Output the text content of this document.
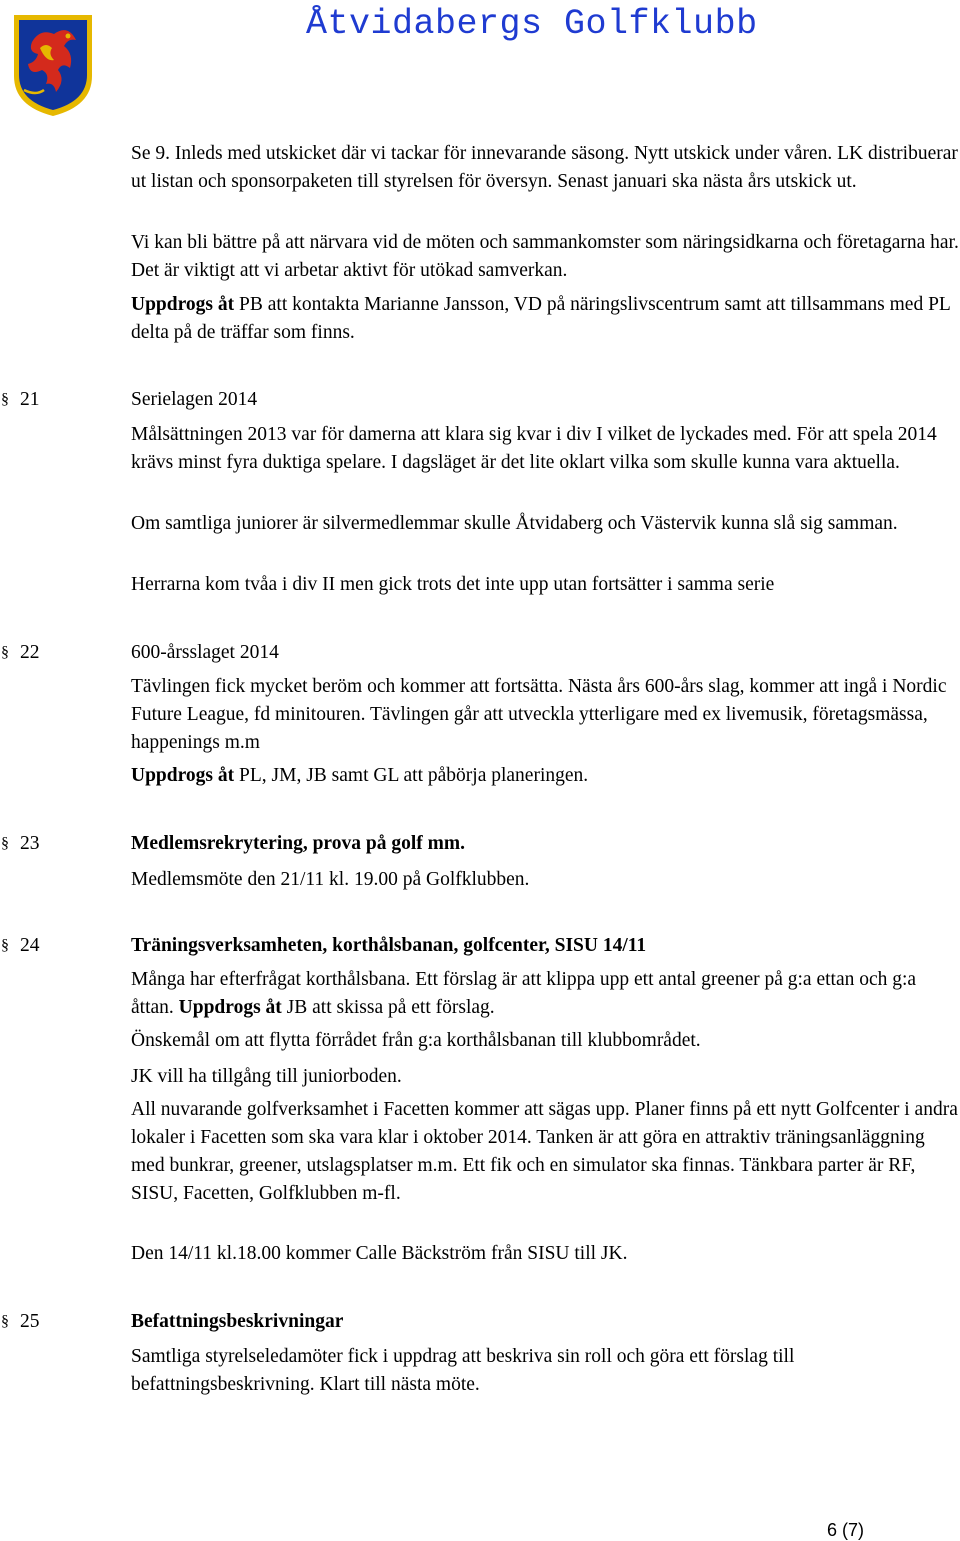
Åtvidabergs Golfklubb

Se 9. Inleds med utskicket där vi tackar för innevarande säsong. Nytt utskick under våren. LK distribuerar ut listan och sponsorpaketen till styrelsen för översyn. Senast januari ska nästa års utskick ut.

Vi kan bli bättre på att närvara vid de möten och sammankomster som näringsidkarna och företagarna har. Det är viktigt att vi arbetar aktivt för utökad samverkan.

Uppdrogs åt PB att kontakta Marianne Jansson, VD på näringslivscentrum samt att tillsammans med PL delta på de träffar som finns.

§ 21	Serielagen 2014

Målsättningen 2013 var för damerna att klara sig kvar i div I vilket de lyckades med. För att spela 2014 krävs minst fyra duktiga spelare. I dagsläget är det lite oklart vilka som skulle kunna vara aktuella.

Om samtliga juniorer är silvermedlemmar skulle Åtvidaberg och Västervik kunna slå sig samman.

Herrarna kom tvåa i div II men gick trots det inte upp utan fortsätter i samma serie

§ 22	600-årsslaget 2014

Tävlingen fick mycket beröm och kommer att fortsätta. Nästa års 600-års slag, kommer att ingå i Nordic Future League, fd minitouren. Tävlingen går att utveckla ytterligare med ex livemusik, företagsmässa, happenings m.m

Uppdrogs åt PL, JM, JB samt GL att påbörja planeringen.

§ 23	Medlemsrekrytering, prova på golf mm.

Medlemsmöte den 21/11 kl. 19.00 på Golfklubben.

§ 24	Träningsverksamheten, korthålsbanan, golfcenter, SISU 14/11

Många har efterfrågat korthålsbana. Ett förslag är att klippa upp ett antal greener på g:a ettan och g:a åttan. Uppdrogs åt JB att skissa på ett förslag.

Önskemål om att flytta förrådet från g:a korthålsbanan till klubbområdet.

JK vill ha tillgång till juniorboden.

All nuvarande golfverksamhet i Facetten kommer att sägas upp. Planer finns på ett nytt Golfcenter i andra lokaler i Facetten som ska vara klar i oktober 2014. Tanken är att göra en attraktiv träningsanläggning med bunkrar, greener, utslagsplatser m.m. Ett fik och en simulator ska finnas. Tänkbara parter är RF, SISU, Facetten, Golfklubben m-fl.

Den 14/11 kl.18.00 kommer Calle Bäckström från SISU till JK.

§ 25	Befattningsbeskrivningar

Samtliga styrelseledamöter fick i uppdrag att beskriva sin roll och göra ett förslag till befattningsbeskrivning. Klart till nästa möte.

6 (7)
